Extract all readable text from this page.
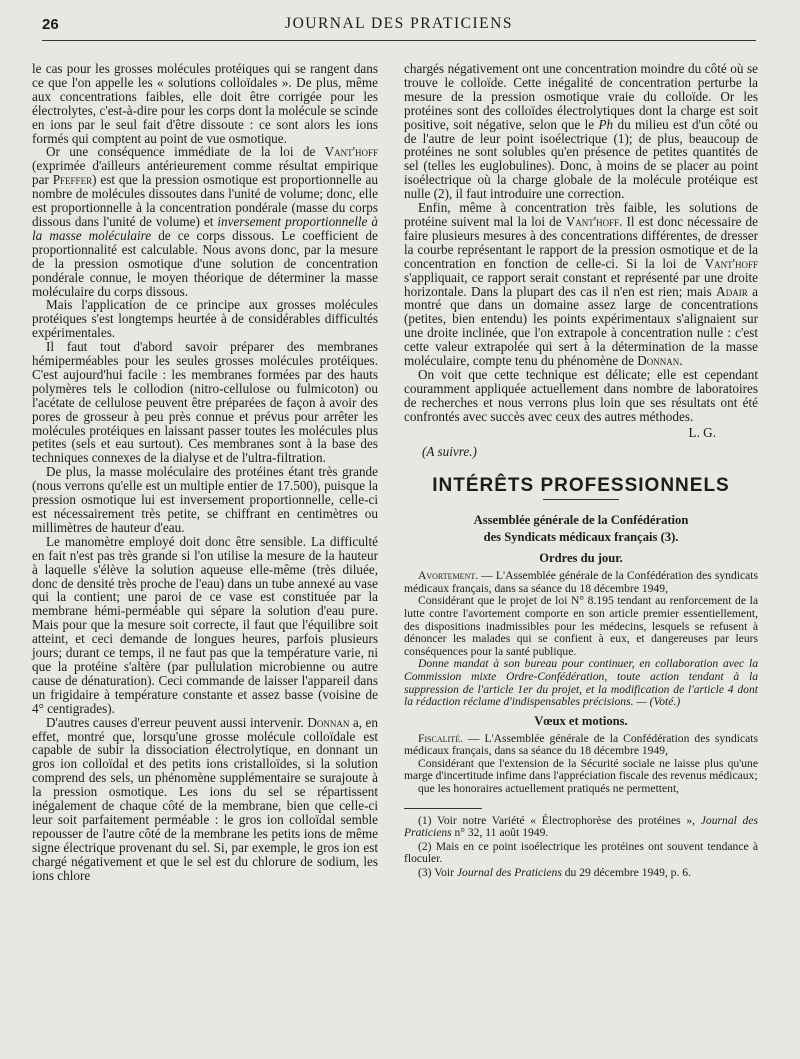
26	JOURNAL DES PRATICIENS

le cas pour les grosses molécules protéiques qui se rangent dans ce que l'on appelle les « solutions colloïdales ». De plus, même aux concentrations faibles, elle doit être corrigée pour les électrolytes, c'est-à-dire pour les corps dont la molécule se scinde en ions par le seul fait d'être dissoute : ce sont alors les ions formés qui comptent au point de vue osmotique.

Or une conséquence immédiate de la loi de Vant'hoff (exprimée d'ailleurs antérieurement comme résultat empirique par Pfeffer) est que la pression osmotique est proportionnelle au nombre de molécules dissoutes dans l'unité de volume; donc, elle est proportionnelle à la concentration pondérale (masse du corps dissous dans l'unité de volume) et inversement proportionnelle à la masse moléculaire de ce corps dissous. Le coefficient de proportionnalité est calculable. Nous avons donc, par la mesure de la pression osmotique d'une solution de concentration pondérale connue, le moyen théorique de déterminer la masse moléculaire du corps dissous.

Mais l'application de ce principe aux grosses molécules protéiques s'est longtemps heurtée à de considérables difficultés expérimentales.

Il faut tout d'abord savoir préparer des membranes hémiperméables pour les seules grosses molécules protéiques. C'est aujourd'hui facile : les membranes formées par des hauts polymères tels le collodion (nitro-cellulose ou fulmicoton) ou l'acétate de cellulose peuvent être préparées de façon à avoir des pores de grosseur à peu près connue et prévus pour arrêter les molécules protéiques en laissant passer toutes les molécules plus petites (sels et eau surtout). Ces membranes sont à la base des techniques connexes de la dialyse et de l'ultra-filtration.

De plus, la masse moléculaire des protéines étant très grande (nous verrons qu'elle est un multiple entier de 17.500), puisque la pression osmotique lui est inversement proportionnelle, celle-ci est nécessairement très petite, se chiffrant en centimètres ou millimètres de hauteur d'eau.

Le manomètre employé doit donc être sensible. La difficulté en fait n'est pas très grande si l'on utilise la mesure de la hauteur à laquelle s'élève la solution aqueuse elle-même (très diluée, donc de densité très proche de l'eau) dans un tube annexé au vase qui la contient; une paroi de ce vase est constituée par la membrane hémi-perméable qui sépare la solution d'eau pure. Mais pour que la mesure soit correcte, il faut que l'équilibre soit atteint, et ceci demande de longues heures, parfois plusieurs jours; durant ce temps, il ne faut pas que la température varie, ni que la protéine s'altère (par pullulation microbienne ou autre cause de dénaturation). Ceci commande de laisser l'appareil dans un frigidaire à température constante et assez basse (voisine de 4° centigrades).

D'autres causes d'erreur peuvent aussi intervenir. Donnan a, en effet, montré que, lorsqu'une grosse molécule colloïdale est capable de subir la dissociation électrolytique, en donnant un gros ion colloïdal et des petits ions cristalloïdes, si la solution comprend des sels, un phénomène supplémentaire se surajoute à la pression osmotique. Les ions du sel se répartissent inégalement de chaque côté de la membrane, bien que celle-ci leur soit parfaitement perméable : le gros ion colloïdal semble repousser de l'autre côté de la membrane les petits ions de même signe électrique provenant du sel. Si, par exemple, le gros ion est chargé négativement et que le sel est du chlorure de sodium, les ions chlore

chargés négativement ont une concentration moindre du côté où se trouve le colloïde. Cette inégalité de concentration perturbe la mesure de la pression osmotique vraie du colloïde. Or les protéines sont des colloïdes électrolytiques dont la charge est soit positive, soit négative, selon que le Ph du milieu est d'un côté ou de l'autre de leur point isoélectrique (1); de plus, beaucoup de protéines ne sont solubles qu'en présence de petites quantités de sel (telles les euglobulines). Donc, à moins de se placer au point isoélectrique où la charge globale de la molécule protéique est nulle (2), il faut introduire une correction.

Enfin, même à concentration très faible, les solutions de protéine suivent mal la loi de Vant'hoff. Il est donc nécessaire de faire plusieurs mesures à des concentrations différentes, de dresser la courbe représentant le rapport de la pression osmotique et de la concentration en fonction de celle-ci. Si la loi de Vant'hoff s'appliquait, ce rapport serait constant et représenté par une droite horizontale. Dans la plupart des cas il n'en est rien; mais Adair a montré que dans un domaine assez large de concentrations (petites, bien entendu) les points expérimentaux s'alignaient sur une droite inclinée, que l'on extrapole à concentration nulle : c'est cette valeur extrapolée qui sert à la détermination de la masse moléculaire, compte tenu du phénomène de Donnan.

On voit que cette technique est délicate; elle est cependant couramment appliquée actuellement dans nombre de laboratoires de recherches et nous verrons plus loin que ses résultats ont été confrontés avec succès avec ceux des autres méthodes.

L. G.
(A suivre.)
INTÉRÊTS PROFESSIONNELS
Assemblée générale de la Confédération
des Syndicats médicaux français (3).
Ordres du jour.

Avortement. — L'Assemblée générale de la Confédération des syndicats médicaux français, dans sa séance du 18 décembre 1949,

Considérant que le projet de loi N° 8.195 tendant au renforcement de la lutte contre l'avortement comporte en son article premier essentiellement, des dispositions inadmissibles pour les médecins, lesquels se refusent à dénoncer les malades qui se confient à eux, et dangereuses par leurs conséquences pour la santé publique.

Donne mandat à son bureau pour continuer, en collaboration avec la Commission mixte Ordre-Confédération, toute action tendant à la suppression de l'article 1er du projet, et la modification de l'article 4 dont la rédaction réclame d'indispensables précisions. — (Voté.)

Vœux et motions.

Fiscalité. — L'Assemblée générale de la Confédération des syndicats médicaux français, dans sa séance du 18 décembre 1949,

Considérant que l'extension de la Sécurité sociale ne laisse plus qu'une marge d'incertitude infime dans l'appréciation fiscale des revenus médicaux;

que les honoraires actuellement pratiqués ne permettent,

(1) Voir notre Variété « Électrophorèse des protéines », Journal des Praticiens n° 32, 11 août 1949.

(2) Mais en ce point isoélectrique les protéines ont souvent tendance à floculer.

(3) Voir Journal des Praticiens du 29 décembre 1949, p. 6.
